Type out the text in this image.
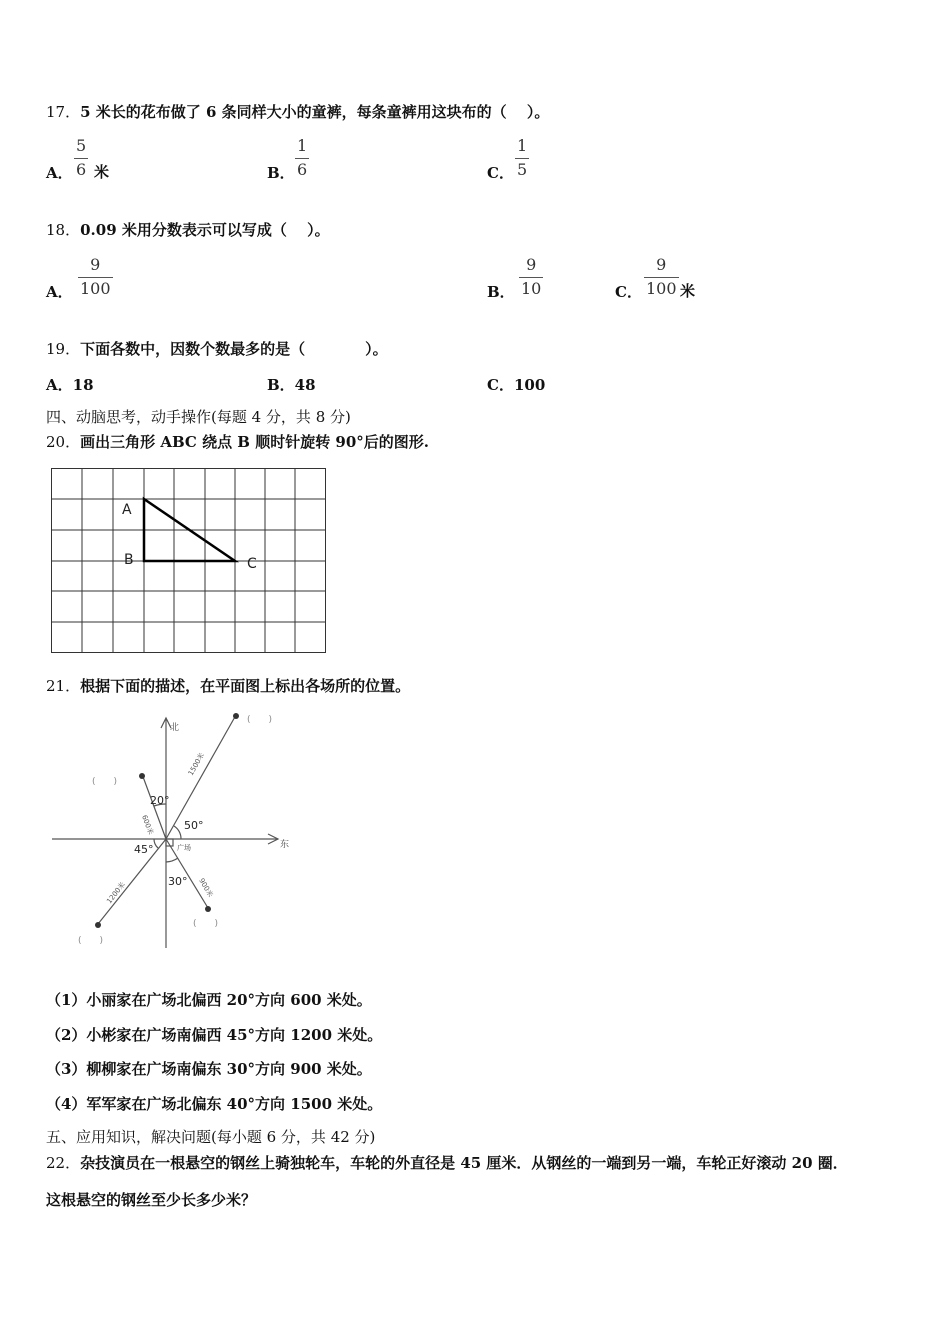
17．5 米长的花布做了 6 条同样大小的童裤，每条童裤用这块布的（　 ）。
A．
5
6 米	B．
1
6	C．
1
5
18．0.09 米用分数表示可以写成（　 ）。
A．
9
100	B．
9
10	C．
9
100 米
19．下面各数中，因数个数最多的是（　　　　）。
A．18	B．48	C．100
四、动脑思考，动手操作(每题 4 分，共 8 分)
20．画出三角形 ABC 绕点 B 顺时针旋转 90°后的图形.
A
B	C
21．根据下面的描述，在平面图上标出各场所的位置。
北
东
广场
20°
50°
45°
30°
600米
1500米
1200米	900米
(　　)
(　　)
(　　)
(　　)
（1）小丽家在广场北偏西 20°方向 600 米处。
（2）小彬家在广场南偏西 45°方向 1200 米处。
（3）柳柳家在广场南偏东 30°方向 900 米处。
（4）军军家在广场北偏东 40°方向 1500 米处。
五、应用知识，解决问题(每小题 6 分，共 42 分)
22．杂技演员在一根悬空的钢丝上骑独轮车，车轮的外直径是 45 厘米．从钢丝的一端到另一端，车轮正好滚动 20 圈．
这根悬空的钢丝至少长多少米？
